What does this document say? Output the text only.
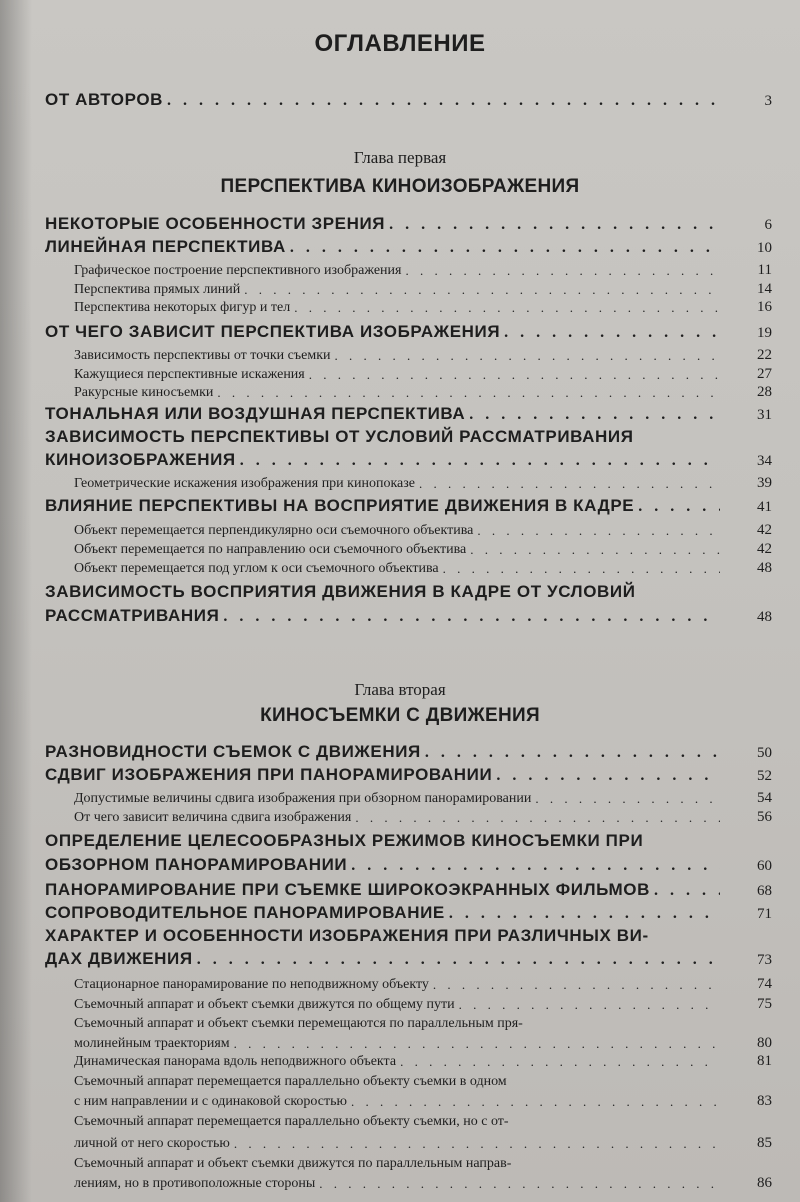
ОГЛАВЛЕНИЕ
ОТ АВТОРОВ . . .	3
Глава первая
ПЕРСПЕКТИВА КИНОИЗОБРАЖЕНИЯ
НЕКОТОРЫЕ ОСОБЕННОСТИ ЗРЕНИЯ . . .	6
ЛИНЕЙНАЯ ПЕРСПЕКТИВА . . .	10
Графическое построение перспективного изображения . . .	11
Перспектива прямых линий . . .	14
Перспектива некоторых фигур и тел . . .	16
ОТ ЧЕГО ЗАВИСИТ ПЕРСПЕКТИВА ИЗОБРАЖЕНИЯ . . .	19
Зависимость перспективы от точки съемки . . .	22
Кажущиеся перспективные искажения . . .	27
Ракурсные киносъемки . . .	28
ТОНАЛЬНАЯ ИЛИ ВОЗДУШНАЯ ПЕРСПЕКТИВА . . .	31
ЗАВИСИМОСТЬ ПЕРСПЕКТИВЫ ОТ УСЛОВИЙ РАССМАТРИВАНИЯ
КИНОИЗОБРАЖЕНИЯ . . .	34
Геометрические искажения изображения при кинопоказе . . .	39
ВЛИЯНИЕ ПЕРСПЕКТИВЫ НА ВОСПРИЯТИЕ ДВИЖЕНИЯ В КАДРЕ . . .	41
Объект перемещается перпендикулярно оси съемочного объектива . . .	42
Объект перемещается по направлению оси съемочного объектива . . .	42
Объект перемещается под углом к оси съемочного объектива . . .	48
ЗАВИСИМОСТЬ ВОСПРИЯТИЯ ДВИЖЕНИЯ В КАДРЕ ОТ УСЛОВИЙ
РАССМАТРИВАНИЯ . . .	48
Глава вторая
КИНОСЪЕМКИ С ДВИЖЕНИЯ
РАЗНОВИДНОСТИ СЪЕМОК С ДВИЖЕНИЯ . . .	50
СДВИГ ИЗОБРАЖЕНИЯ ПРИ ПАНОРАМИРОВАНИИ . . .	52
Допустимые величины сдвига изображения при обзорном панорамировании . . .	54
От чего зависит величина сдвига изображения . . .	56
ОПРЕДЕЛЕНИЕ ЦЕЛЕСООБРАЗНЫХ РЕЖИМОВ КИНОСЪЕМКИ ПРИ
ОБЗОРНОМ ПАНОРАМИРОВАНИИ . . .	60
ПАНОРАМИРОВАНИЕ ПРИ СЪЕМКЕ ШИРОКОЭКРАННЫХ ФИЛЬМОВ . . .	68
СОПРОВОДИТЕЛЬНОЕ ПАНОРАМИРОВАНИЕ . . .	71
ХАРАКТЕР И ОСОБЕННОСТИ ИЗОБРАЖЕНИЯ ПРИ РАЗЛИЧНЫХ ВИ-
ДАХ ДВИЖЕНИЯ . . .	73
Стационарное панорамирование по неподвижному объекту . . .	74
Съемочный аппарат и объект съемки движутся по общему пути . . .	75
Съемочный аппарат и объект съемки перемещаются по параллельным пря-
молинейным траекториям . . .	80
Динамическая панорама вдоль неподвижного объекта . . .	81
Съемочный аппарат перемещается параллельно объекту съемки в одном
с ним направлении и с одинаковой скоростью . . .	83
Съемочный аппарат перемещается параллельно объекту съемки, но с от-
личной от него скоростью . . .	85
Съемочный аппарат и объект съемки движутся по параллельным направ-
лениям, но в противоположные стороны . . .	86
